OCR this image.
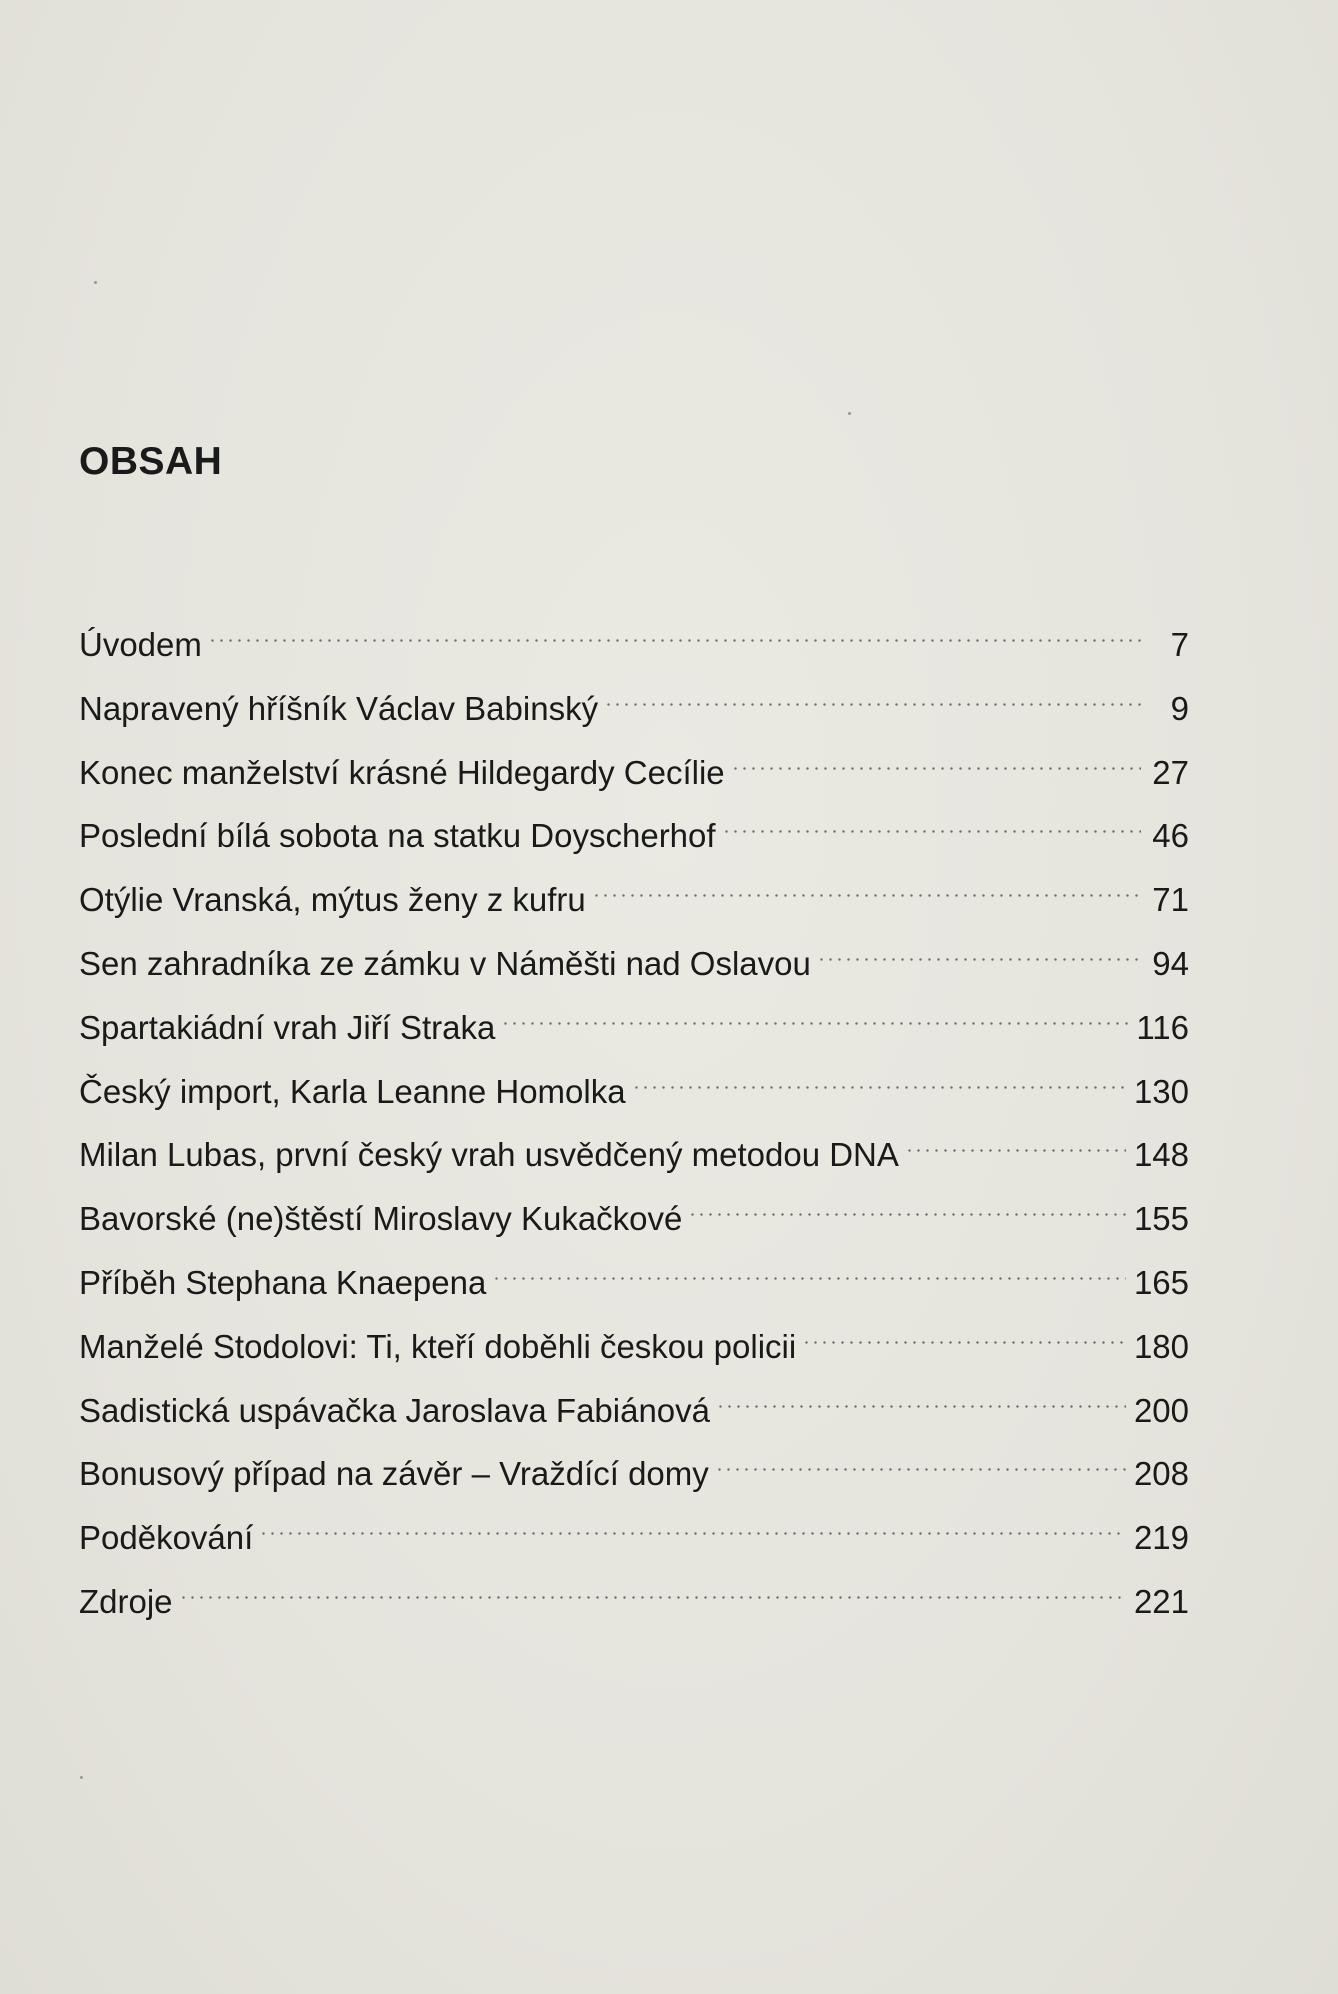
OBSAH
Úvodem	7
Napravený hříšník Václav Babinský	9
Konec manželství krásné Hildegardy Cecílie	27
Poslední bílá sobota na statku Doyscherhof	46
Otýlie Vranská, mýtus ženy z kufru	71
Sen zahradníka ze zámku v Náměšti nad Oslavou	94
Spartakiádní vrah Jiří Straka	116
Český import, Karla Leanne Homolka	130
Milan Lubas, první český vrah usvědčený metodou DNA	148
Bavorské (ne)štěstí Miroslavy Kukačkové	155
Příběh Stephana Knaepena	165
Manželé Stodolovi: Ti, kteří doběhli českou policii	180
Sadistická uspávačka Jaroslava Fabiánová	200
Bonusový případ na závěr – Vraždící domy	208
Poděkování	219
Zdroje	221
